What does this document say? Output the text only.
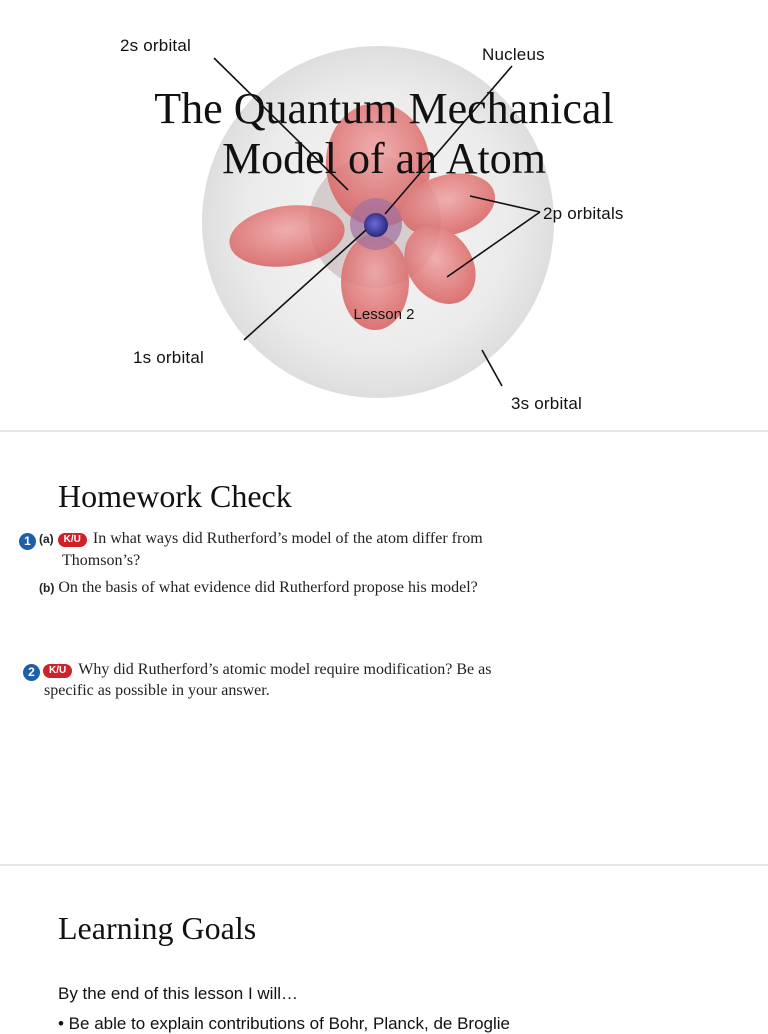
2s orbital	Nucleus
2p orbitals
1s orbital
3s orbital
The Quantum Mechanical
Model of an Atom
Lesson 2
Homework Check
1 (a) K/U In what ways did Rutherford’s model of the atom differ from
Thomson’s?
(b) On the basis of what evidence did Rutherford propose his model?
2 K/U Why did Rutherford’s atomic model require modification? Be as
specific as possible in your answer.
Learning Goals
By the end of this lesson I will…
• Be able to explain contributions of Bohr, Planck, de Broglie
